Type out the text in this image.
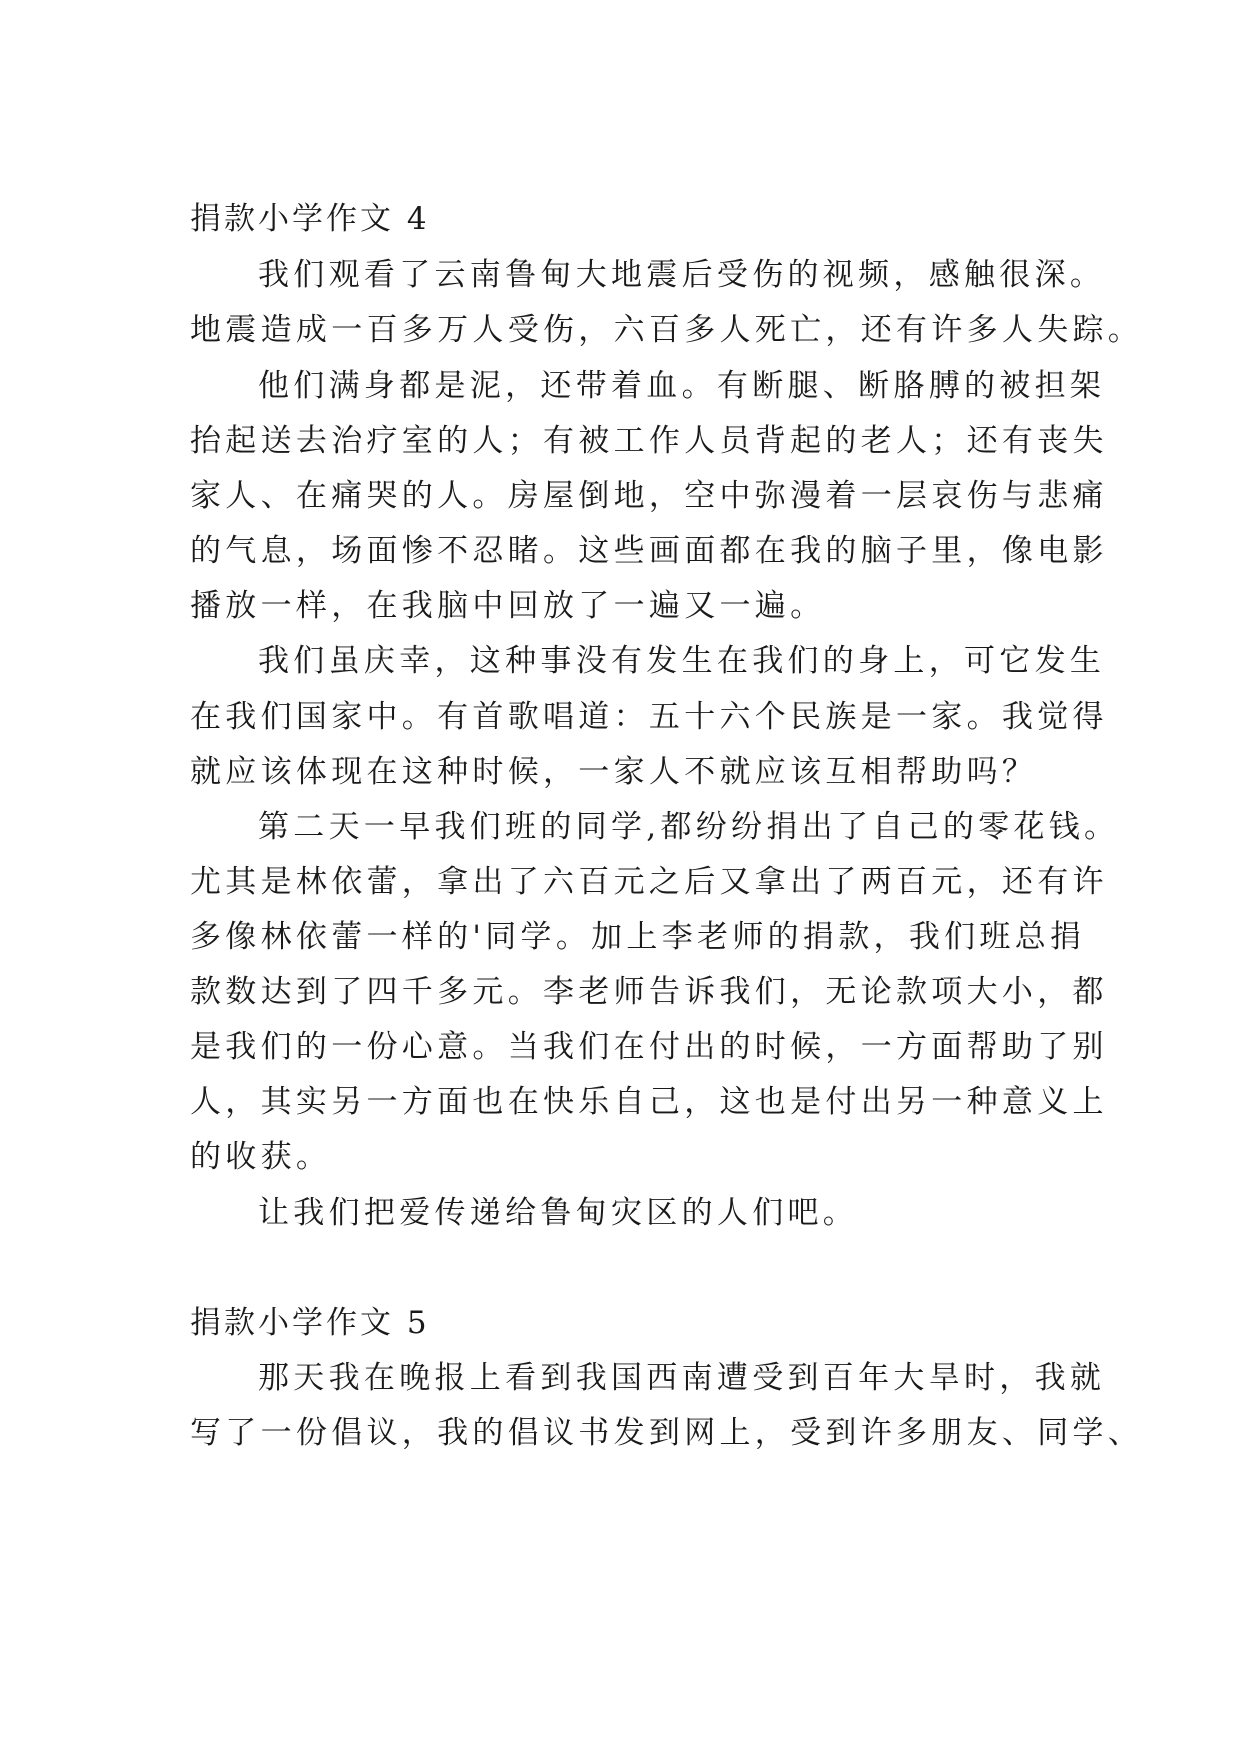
捐款小学作文 4
我们观看了云南鲁甸大地震后受伤的视频，感触很深。
地震造成一百多万人受伤，六百多人死亡，还有许多人失踪。
他们满身都是泥，还带着血。有断腿、断胳膊的被担架
抬起送去治疗室的人；有被工作人员背起的老人；还有丧失
家人、在痛哭的人。房屋倒地，空中弥漫着一层哀伤与悲痛
的气息，场面惨不忍睹。这些画面都在我的脑子里，像电影
播放一样，在我脑中回放了一遍又一遍。
我们虽庆幸，这种事没有发生在我们的身上，可它发生
在我们国家中。有首歌唱道：五十六个民族是一家。我觉得
就应该体现在这种时候，一家人不就应该互相帮助吗？
第二天一早我们班的同学,都纷纷捐出了自己的零花钱。
尤其是林依蕾，拿出了六百元之后又拿出了两百元，还有许
多像林依蕾一样的'同学。加上李老师的捐款，我们班总捐
款数达到了四千多元。李老师告诉我们，无论款项大小，都
是我们的一份心意。当我们在付出的时候，一方面帮助了别
人，其实另一方面也在快乐自己，这也是付出另一种意义上
的收获。
让我们把爱传递给鲁甸灾区的人们吧。
捐款小学作文 5
那天我在晚报上看到我国西南遭受到百年大旱时，我就
写了一份倡议，我的倡议书发到网上，受到许多朋友、同学、
